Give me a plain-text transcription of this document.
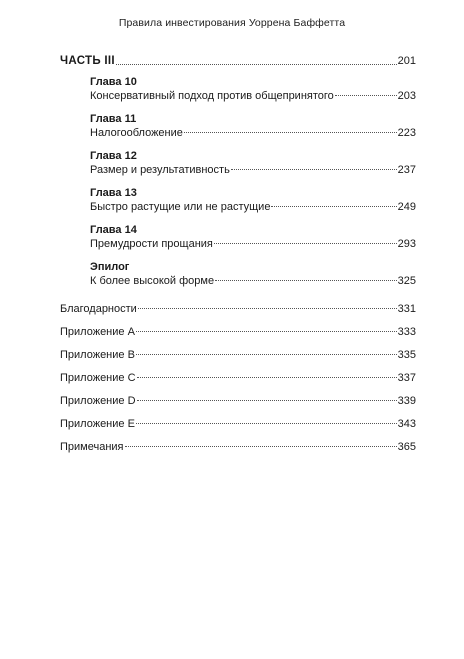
Правила инвестирования Уоррена Баффетта
ЧАСТЬ III	201
Глава 10
Консервативный подход против общепринятого	203
Глава 11
Налогообложение	223
Глава 12
Размер и результативность	237
Глава 13
Быстро растущие или не растущие	249
Глава 14
Премудрости прощания	293
Эпилог
К более высокой форме	325
Благодарности	331
Приложение A	333
Приложение B	335
Приложение C	337
Приложение D	339
Приложение E	343
Примечания	365
